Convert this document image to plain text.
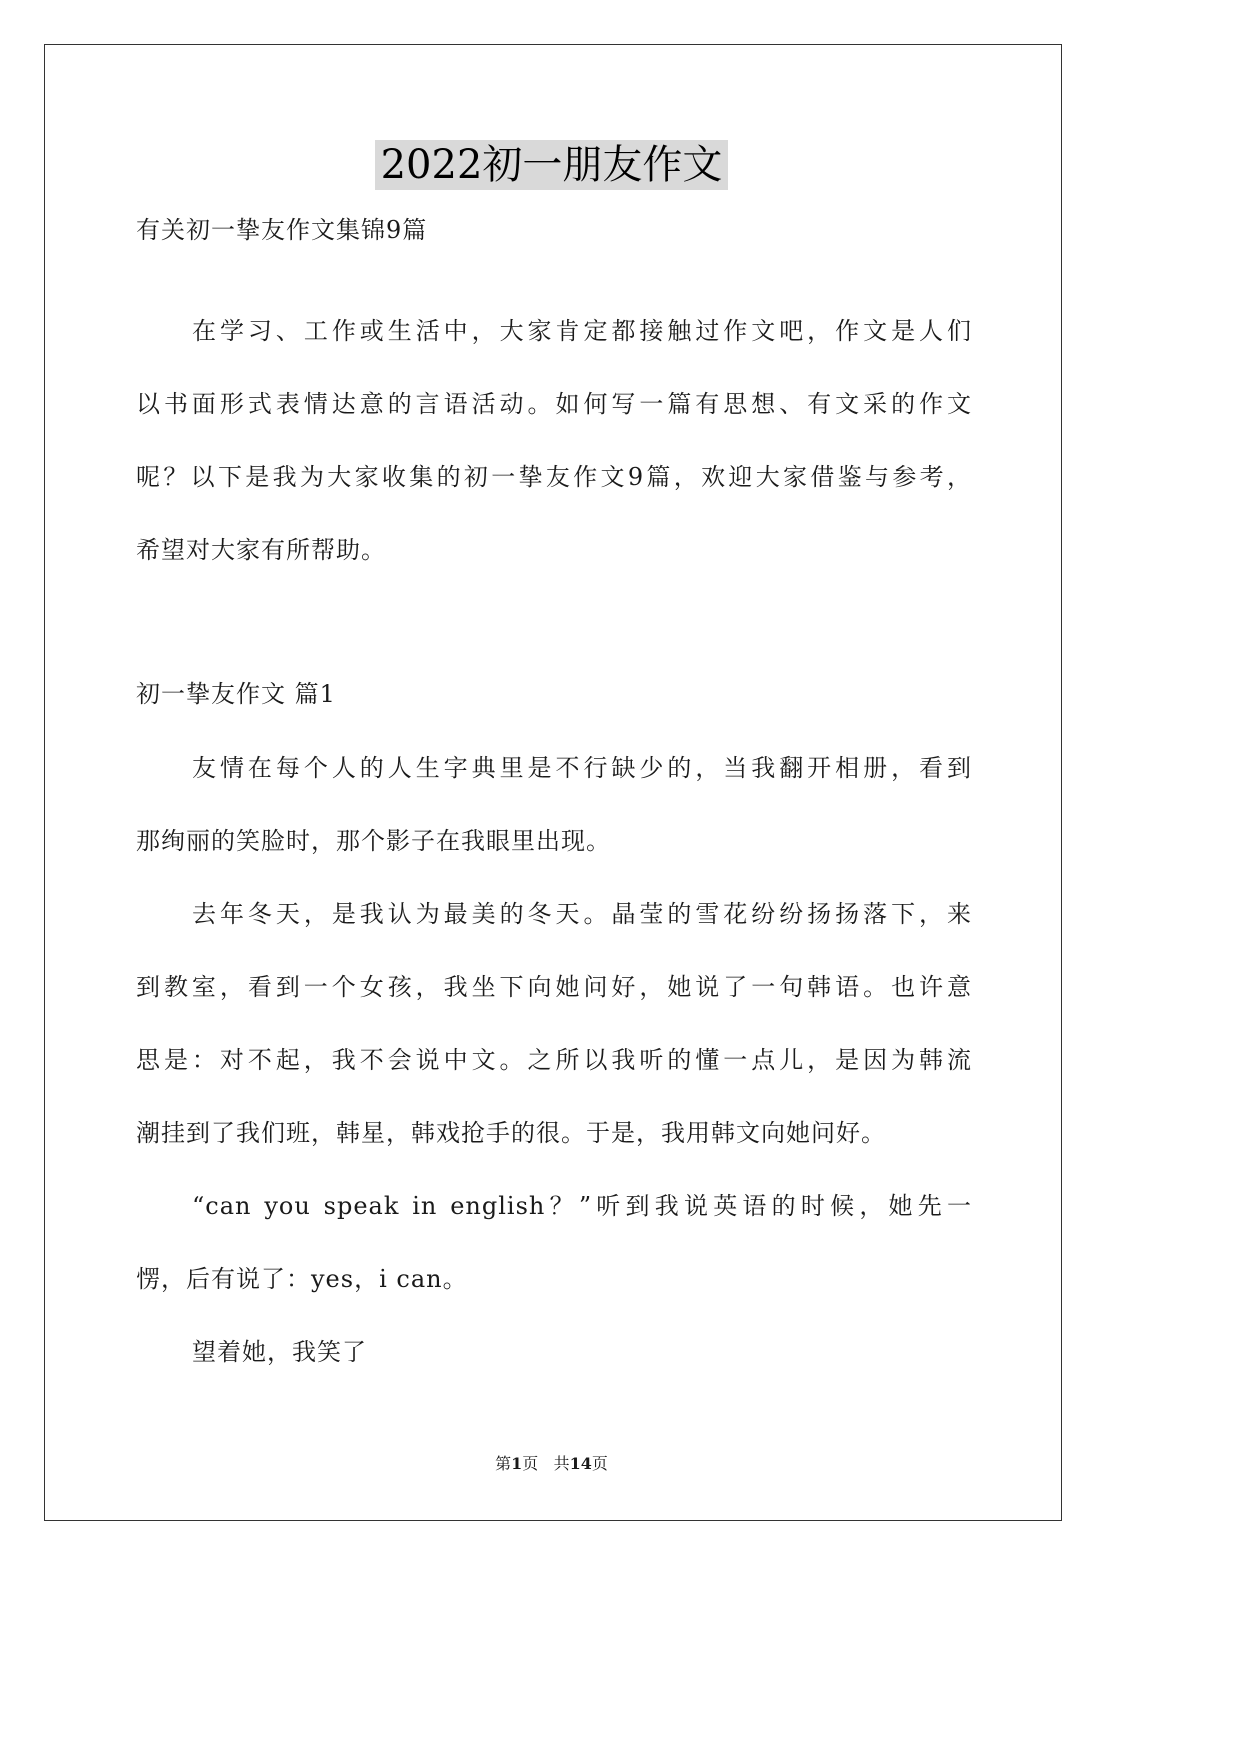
2022初一朋友作文
有关初一挚友作文集锦9篇
在学习、工作或生活中，大家肯定都接触过作文吧，作文是人们
以书面形式表情达意的言语活动。如何写一篇有思想、有文采的作文
呢？以下是我为大家收集的初一挚友作文9篇，欢迎大家借鉴与参考，
希望对大家有所帮助。
初一挚友作文 篇1
友情在每个人的人生字典里是不行缺少的，当我翻开相册，看到
那绚丽的笑脸时，那个影子在我眼里出现。
去年冬天，是我认为最美的冬天。晶莹的雪花纷纷扬扬落下，来
到教室，看到一个女孩，我坐下向她问好，她说了一句韩语。也许意
思是：对不起，我不会说中文。之所以我听的懂一点儿，是因为韩流
潮挂到了我们班，韩星，韩戏抢手的很。于是，我用韩文向她问好。
“can you speak in english？”听到我说英语的时候，她先一
愣，后有说了：yes，i can。
望着她，我笑了
第1页 共14页
